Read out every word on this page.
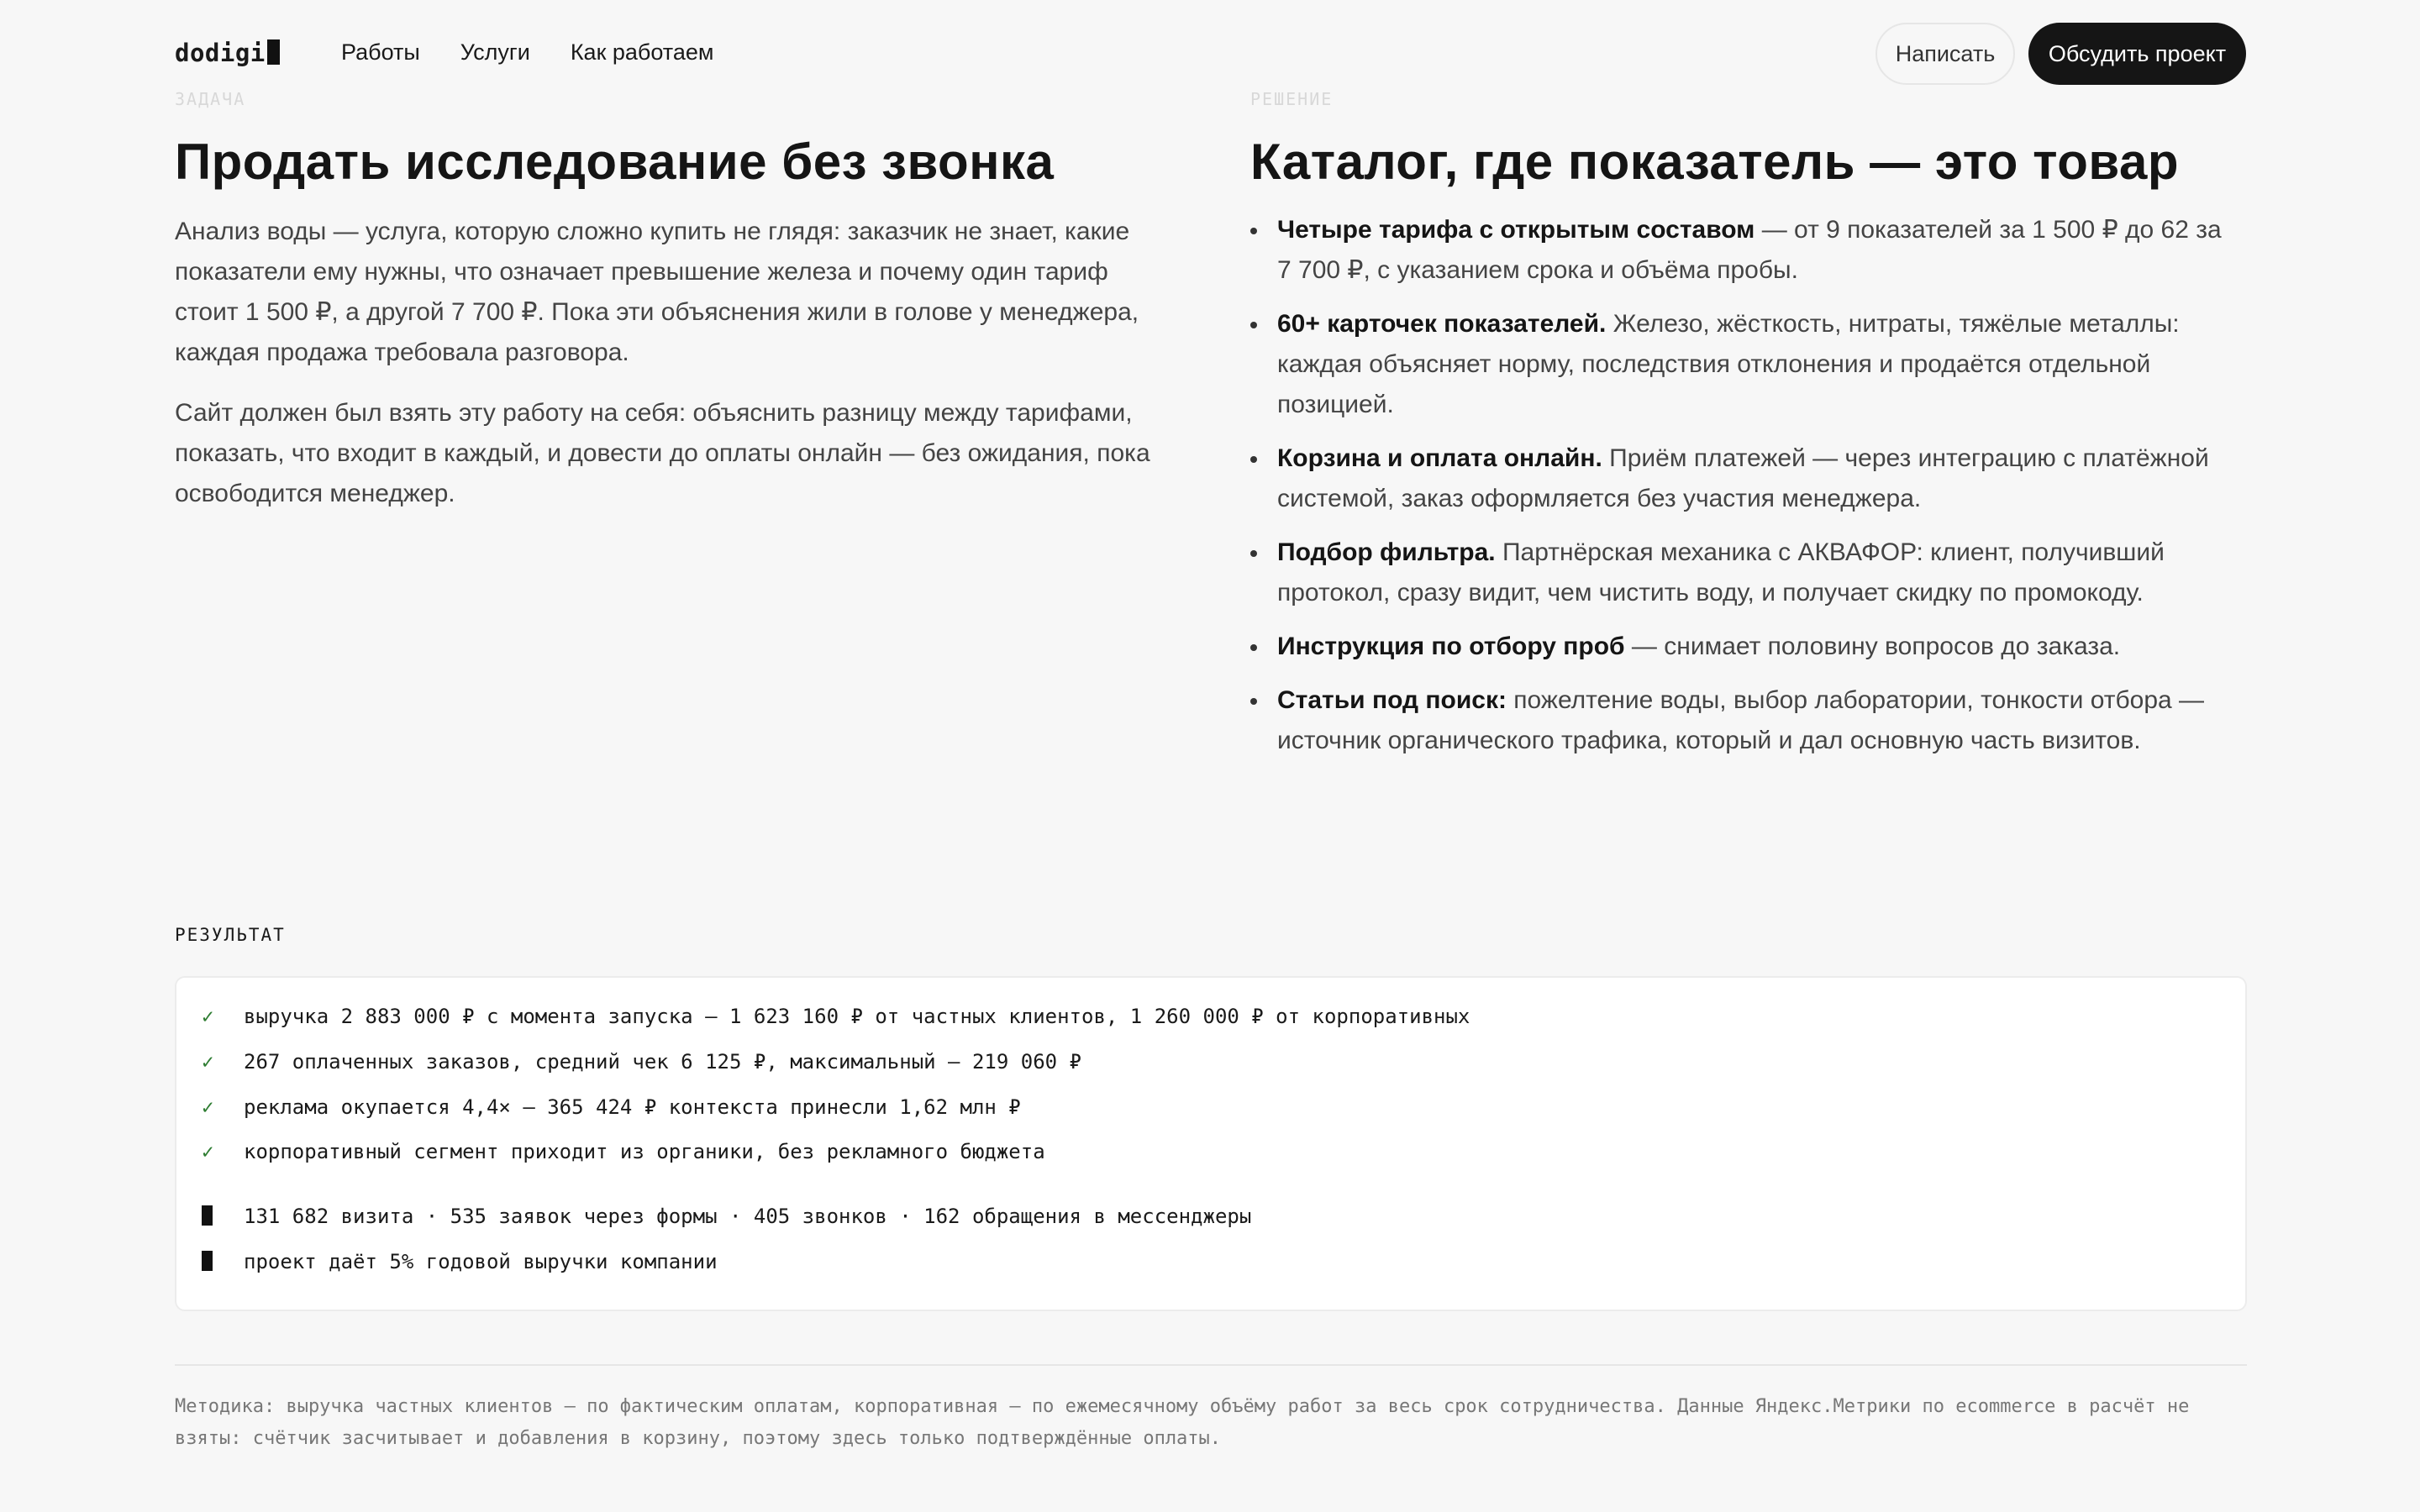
dodigi	Работы Услуги Как работаем	Написать	Обсудить проект
ЗАДАЧА
Продать исследование без звонка

Анализ воды — услуга, которую сложно купить не глядя: заказчик не знает, какие показатели ему нужны, что означает превышение железа и почему один тариф стоит 1 500 ₽, а другой 7 700 ₽. Пока эти объяснения жили в голове у менеджера, каждая продажа требовала разговора.

Сайт должен был взять эту работу на себя: объяснить разницу между тарифами, показать, что входит в каждый, и довести до оплаты онлайн — без ожидания, пока освободится менеджер.

РЕШЕНИЕ
Каталог, где показатель — это товар
Четыре тарифа с открытым составом — от 9 показателей за 1 500 ₽ до 62 за 7 700 ₽, с указанием срока и объёма пробы.
60+ карточек показателей. Железо, жёсткость, нитраты, тяжёлые металлы: каждая объясняет норму, последствия отклонения и продаётся отдельной позицией.
Корзина и оплата онлайн. Приём платежей — через интеграцию с платёжной системой, заказ оформляется без участия менеджера.
Подбор фильтра. Партнёрская механика с АКВАФОР: клиент, получивший протокол, сразу видит, чем чистить воду, и получает скидку по промокоду.
Инструкция по отбору проб — снимает половину вопросов до заказа.
Статьи под поиск: пожелтение воды, выбор лаборатории, тонкости отбора — источник органического трафика, который и дал основную часть визитов.
РЕЗУЛЬТАТ
✓ выручка 2 883 000 ₽ с момента запуска — 1 623 160 ₽ от частных клиентов, 1 260 000 ₽ от корпоративных
✓ 267 оплаченных заказов, средний чек 6 125 ₽, максимальный — 219 060 ₽
✓ реклама окупается 4,4× — 365 424 ₽ контекста принесли 1,62 млн ₽
✓ корпоративный сегмент приходит из органики, без рекламного бюджета
131 682 визита · 535 заявок через формы · 405 звонков · 162 обращения в мессенджеры
проект даёт 5% годовой выручки компании

Методика: выручка частных клиентов — по фактическим оплатам, корпоративная — по ежемесячному объёму работ за весь срок сотрудничества. Данные Яндекс.Метрики по ecommerce в расчёт не взяты: счётчик засчитывает и добавления в корзину, поэтому здесь только подтверждённые оплаты.
